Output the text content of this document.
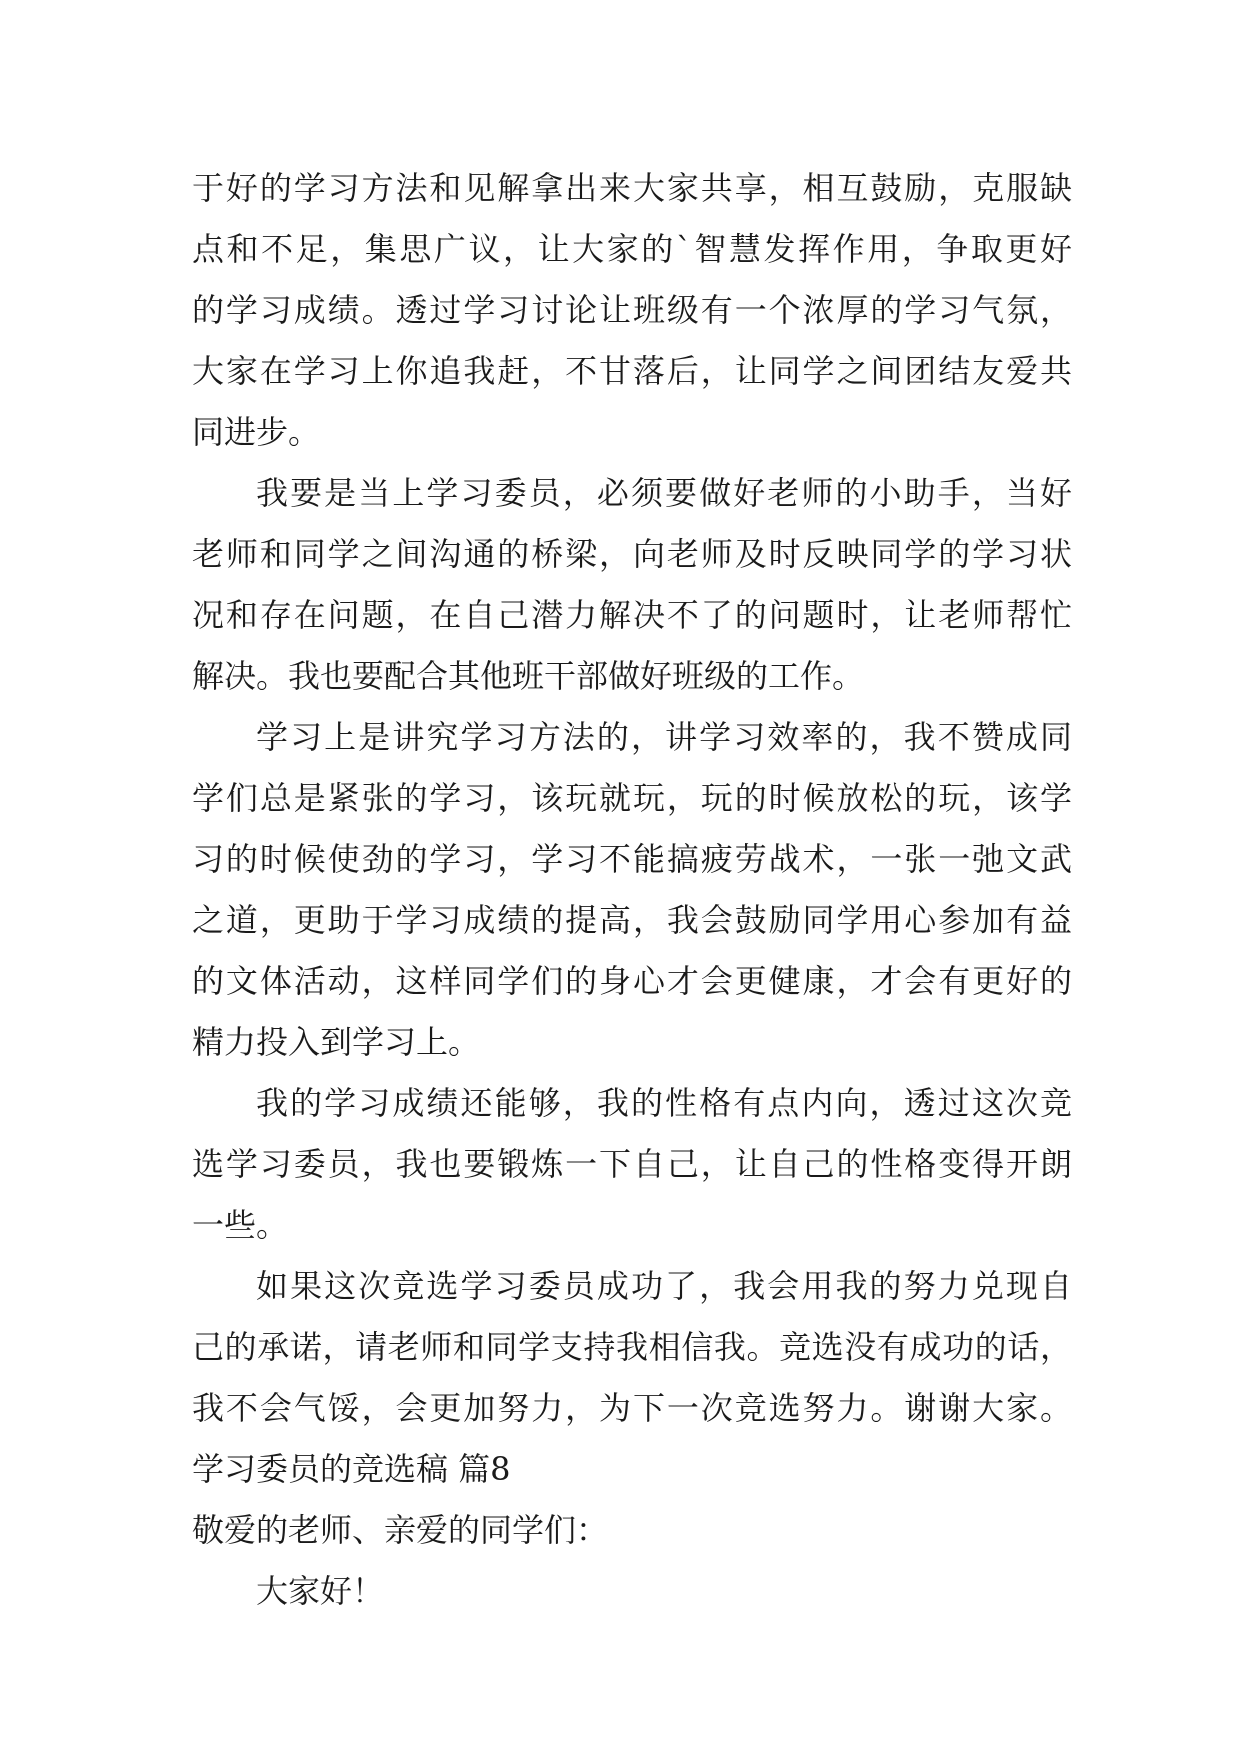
于好的学习方法和见解拿出来大家共享，相互鼓励，克服缺
点和不足，集思广议，让大家的`智慧发挥作用，争取更好
的学习成绩。透过学习讨论让班级有一个浓厚的学习气氛，
大家在学习上你追我赶，不甘落后，让同学之间团结友爱共
同进步。
我要是当上学习委员，必须要做好老师的小助手，当好
老师和同学之间沟通的桥梁，向老师及时反映同学的学习状
况和存在问题，在自己潜力解决不了的问题时，让老师帮忙
解决。我也要配合其他班干部做好班级的工作。
学习上是讲究学习方法的，讲学习效率的，我不赞成同
学们总是紧张的学习，该玩就玩，玩的时候放松的玩，该学
习的时候使劲的学习，学习不能搞疲劳战术，一张一弛文武
之道，更助于学习成绩的提高，我会鼓励同学用心参加有益
的文体活动，这样同学们的身心才会更健康，才会有更好的
精力投入到学习上。
我的学习成绩还能够，我的性格有点内向，透过这次竞
选学习委员，我也要锻炼一下自己，让自己的性格变得开朗
一些。
如果这次竞选学习委员成功了，我会用我的努力兑现自
己的承诺，请老师和同学支持我相信我。竞选没有成功的话，
我不会气馁，会更加努力，为下一次竞选努力。谢谢大家。
学习委员的竞选稿 篇8
敬爱的老师、亲爱的同学们：
大家好！
